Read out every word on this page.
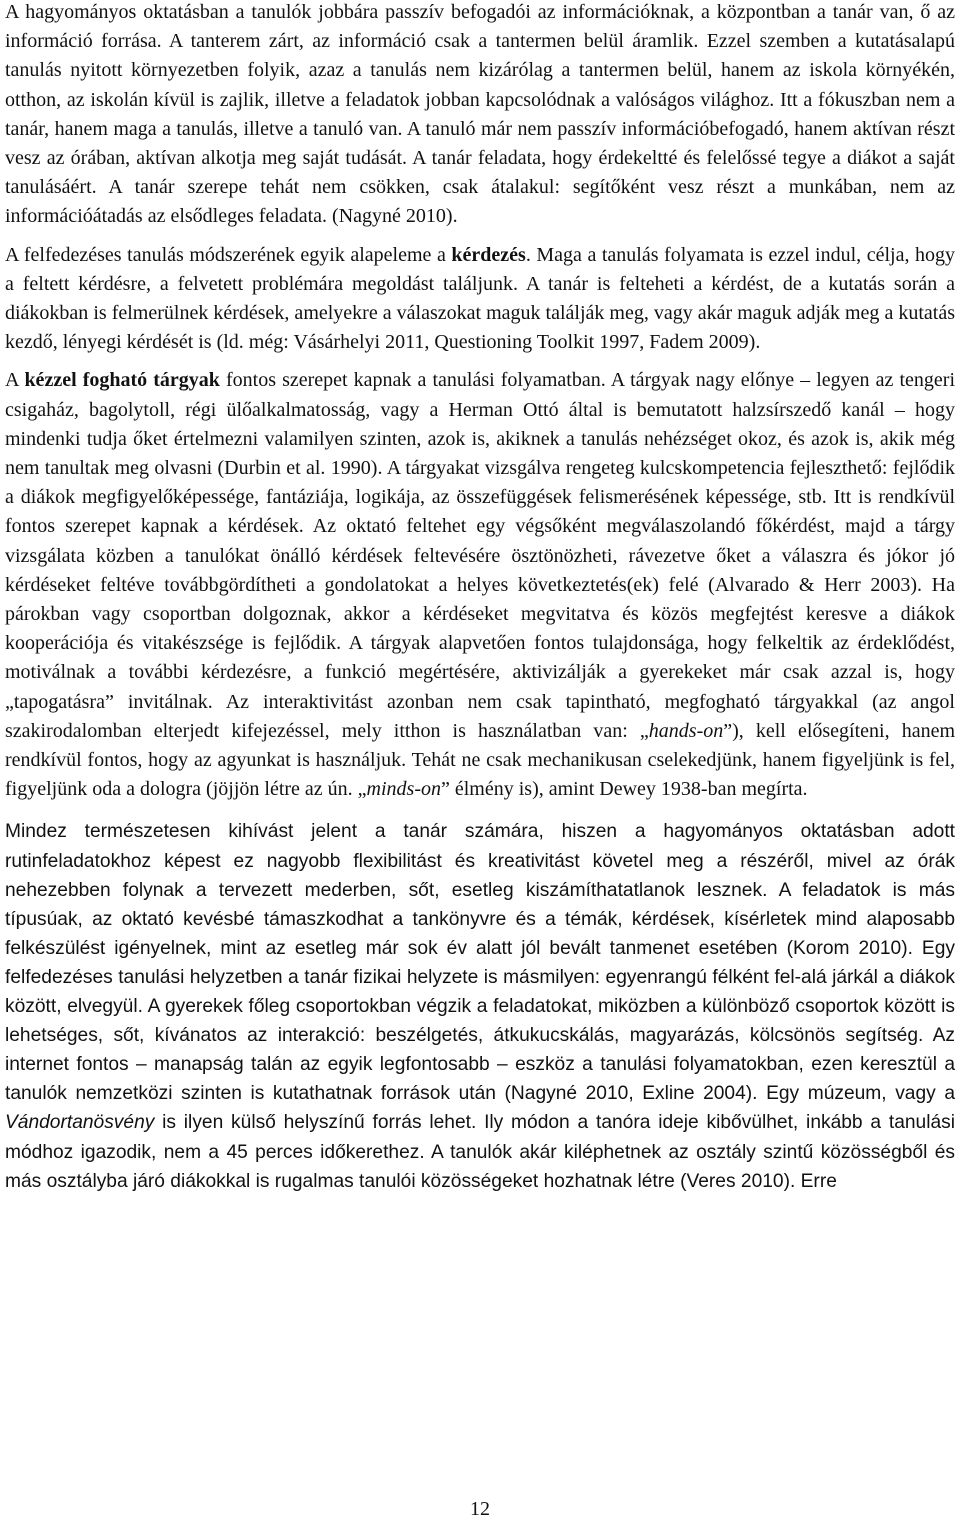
A hagyományos oktatásban a tanulók jobbára passzív befogadói az információknak, a központban a tanár van, ő az információ forrása. A tanterem zárt, az információ csak a tantermen belül áramlik. Ezzel szemben a kutatásalapú tanulás nyitott környezetben folyik, azaz a tanulás nem kizárólag a tantermen belül, hanem az iskola környékén, otthon, az iskolán kívül is zajlik, illetve a feladatok jobban kapcsolódnak a valóságos világhoz. Itt a fókuszban nem a tanár, hanem maga a tanulás, illetve a tanuló van. A tanuló már nem passzív információbefogadó, hanem aktívan részt vesz az órában, aktívan alkotja meg saját tudását. A tanár feladata, hogy érdekeltté és felelőssé tegye a diákot a saját tanulásáért. A tanár szerepe tehát nem csökken, csak átalakul: segítőként vesz részt a munkában, nem az információátadás az elsődleges feladata. (Nagyné 2010).

A felfedezéses tanulás módszerének egyik alapeleme a kérdezés. Maga a tanulás folyamata is ezzel indul, célja, hogy a feltett kérdésre, a felvetett problémára megoldást találjunk. A tanár is felteheti a kérdést, de a kutatás során a diákokban is felmerülnek kérdések, amelyekre a válaszokat maguk találják meg, vagy akár maguk adják meg a kutatás kezdő, lényegi kérdését is (ld. még: Vásárhelyi 2011, Questioning Toolkit 1997, Fadem 2009).

A kézzel fogható tárgyak fontos szerepet kapnak a tanulási folyamatban. A tárgyak nagy előnye – legyen az tengeri csigaház, bagolytoll, régi ülőalkalmatosság, vagy a Herman Ottó által is bemutatott halzsírszedő kanál – hogy mindenki tudja őket értelmezni valamilyen szinten, azok is, akiknek a tanulás nehézséget okoz, és azok is, akik még nem tanultak meg olvasni (Durbin et al. 1990). A tárgyakat vizsgálva rengeteg kulcskompetencia fejleszthető: fejlődik a diákok megfigyelőképessége, fantáziája, logikája, az összefüggések felismerésének képessége, stb. Itt is rendkívül fontos szerepet kapnak a kérdések. Az oktató feltehet egy végsőként megválaszolandó főkérdést, majd a tárgy vizsgálata közben a tanulókat önálló kérdések feltevésére ösztönözheti, rávezetve őket a válaszra és jókor jó kérdéseket feltéve továbbgördítheti a gondolatokat a helyes következtetés(ek) felé (Alvarado & Herr 2003). Ha párokban vagy csoportban dolgoznak, akkor a kérdéseket megvitatva és közös megfejtést keresve a diákok kooperációja és vitakészsége is fejlődik. A tárgyak alapvetően fontos tulajdonsága, hogy felkeltik az érdeklődést, motiválnak a további kérdezésre, a funkció megértésére, aktivizálják a gyerekeket már csak azzal is, hogy „tapogatásra” invitálnak. Az interaktivitást azonban nem csak tapintható, megfogható tárgyakkal (az angol szakirodalomban elterjedt kifejezéssel, mely itthon is használatban van: „hands-on”), kell elősegíteni, hanem rendkívül fontos, hogy az agyunkat is használjuk. Tehát ne csak mechanikusan cselekedjünk, hanem figyeljünk is fel, figyeljünk oda a dologra (jöjjön létre az ún. „minds-on” élmény is), amint Dewey 1938-ban megírta.

Mindez természetesen kihívást jelent a tanár számára, hiszen a hagyományos oktatásban adott rutinfeladatokhoz képest ez nagyobb flexibilitást és kreativitást követel meg a részéről, mivel az órák nehezebben folynak a tervezett mederben, sőt, esetleg kiszámíthatatlanok lesznek. A feladatok is más típusúak, az oktató kevésbé támaszkodhat a tankönyvre és a témák, kérdések, kísérletek mind alaposabb felkészülést igényelnek, mint az esetleg már sok év alatt jól bevált tanmenet esetében (Korom 2010). Egy felfedezéses tanulási helyzetben a tanár fizikai helyzete is másmilyen: egyenrangú félként fel-alá járkál a diákok között, elvegyül. A gyerekek főleg csoportokban végzik a feladatokat, miközben a különböző csoportok között is lehetséges, sőt, kívánatos az interakció: beszélgetés, átkukucskálás, magyarázás, kölcsönös segítség. Az internet fontos – manapság talán az egyik legfontosabb – eszköz a tanulási folyamatokban, ezen keresztül a tanulók nemzetközi szinten is kutathatnak források után (Nagyné 2010, Exline 2004). Egy múzeum, vagy a Vándortanösvény is ilyen külső helyszínű forrás lehet. Ily módon a tanóra ideje kibővülhet, inkább a tanulási módhoz igazodik, nem a 45 perces időkerethez. A tanulók akár kiléphetnek az osztály szintű közösségből és más osztályba járó diákokkal is rugalmas tanulói közösségeket hozhatnak létre (Veres 2010). Erre

12
